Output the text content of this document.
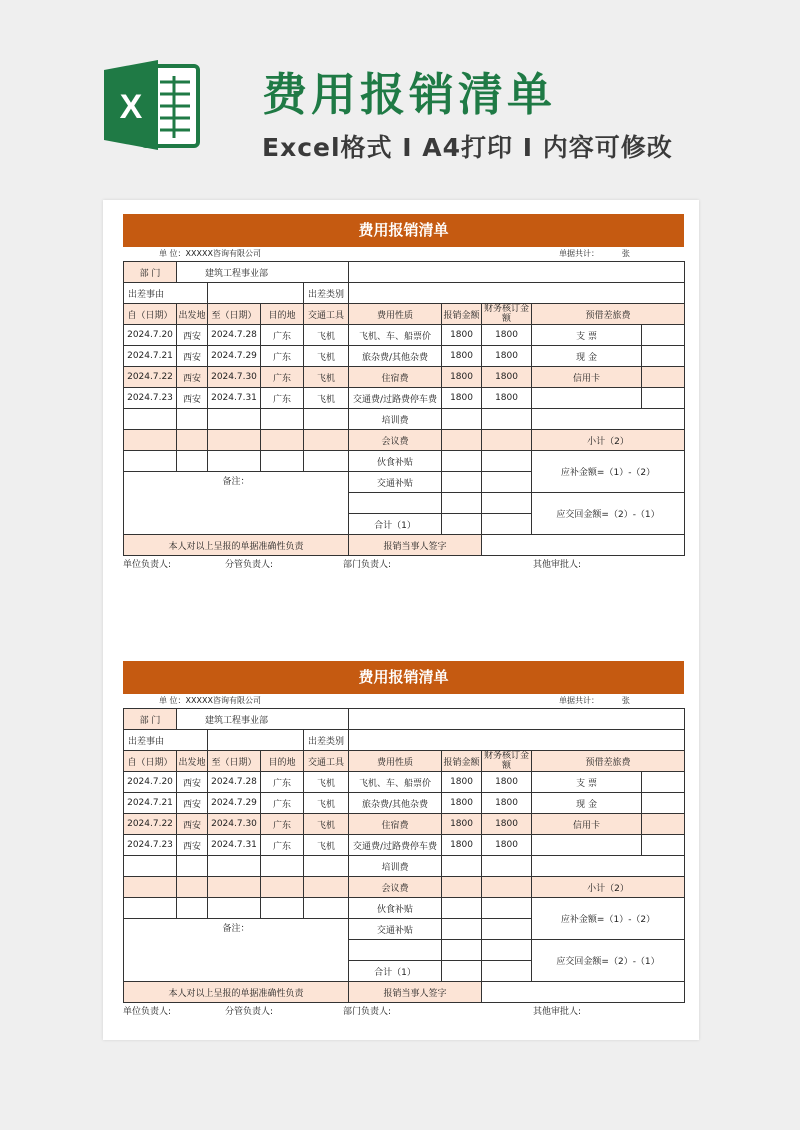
X	费用报销清单
Excel格式 I A4打印 I 内容可修改
费用报销清单
单 位：XXXXX咨询有限公司	单据共计：	张
部 门	建筑工程事业部								
出差事由				出差类别					
自（日期）	出发地	至（日期）	目的地	交通工具	费用性质	报销金额	财务核订金额	预借差旅费	
2024.7.20	西安	2024.7.28	广东	飞机	飞机、车、船票价	1800	1800	支 票	
2024.7.21	西安	2024.7.29	广东	飞机	旅杂费/其他杂费	1800	1800	现 金	
2024.7.22	西安	2024.7.30	广东	飞机	住宿费	1800	1800	信用卡	
2024.7.23	西安	2024.7.31	广东	飞机	交通费/过路费停车费	1800	1800		
					培训费				
					会议费			小计（2）	
					伙食补贴			应补金额=（1）-（2）	
备注：					交通补贴				
								应交回金额=（2）-（1）	
					合计（1）				
本人对以上呈报的单据准确性负责					报销当事人签字				
单位负责人:	分管负责人:	部门负责人:	其他审批人:
费用报销清单
单 位：XXXXX咨询有限公司	单据共计：	张
部 门	建筑工程事业部								
出差事由				出差类别					
自（日期）	出发地	至（日期）	目的地	交通工具	费用性质	报销金额	财务核订金额	预借差旅费	
2024.7.20	西安	2024.7.28	广东	飞机	飞机、车、船票价	1800	1800	支 票	
2024.7.21	西安	2024.7.29	广东	飞机	旅杂费/其他杂费	1800	1800	现 金	
2024.7.22	西安	2024.7.30	广东	飞机	住宿费	1800	1800	信用卡	
2024.7.23	西安	2024.7.31	广东	飞机	交通费/过路费停车费	1800	1800		
					培训费				
					会议费			小计（2）	
					伙食补贴			应补金额=（1）-（2）	
备注：					交通补贴				
								应交回金额=（2）-（1）	
					合计（1）				
本人对以上呈报的单据准确性负责					报销当事人签字				
单位负责人:	分管负责人:	部门负责人:	其他审批人:
